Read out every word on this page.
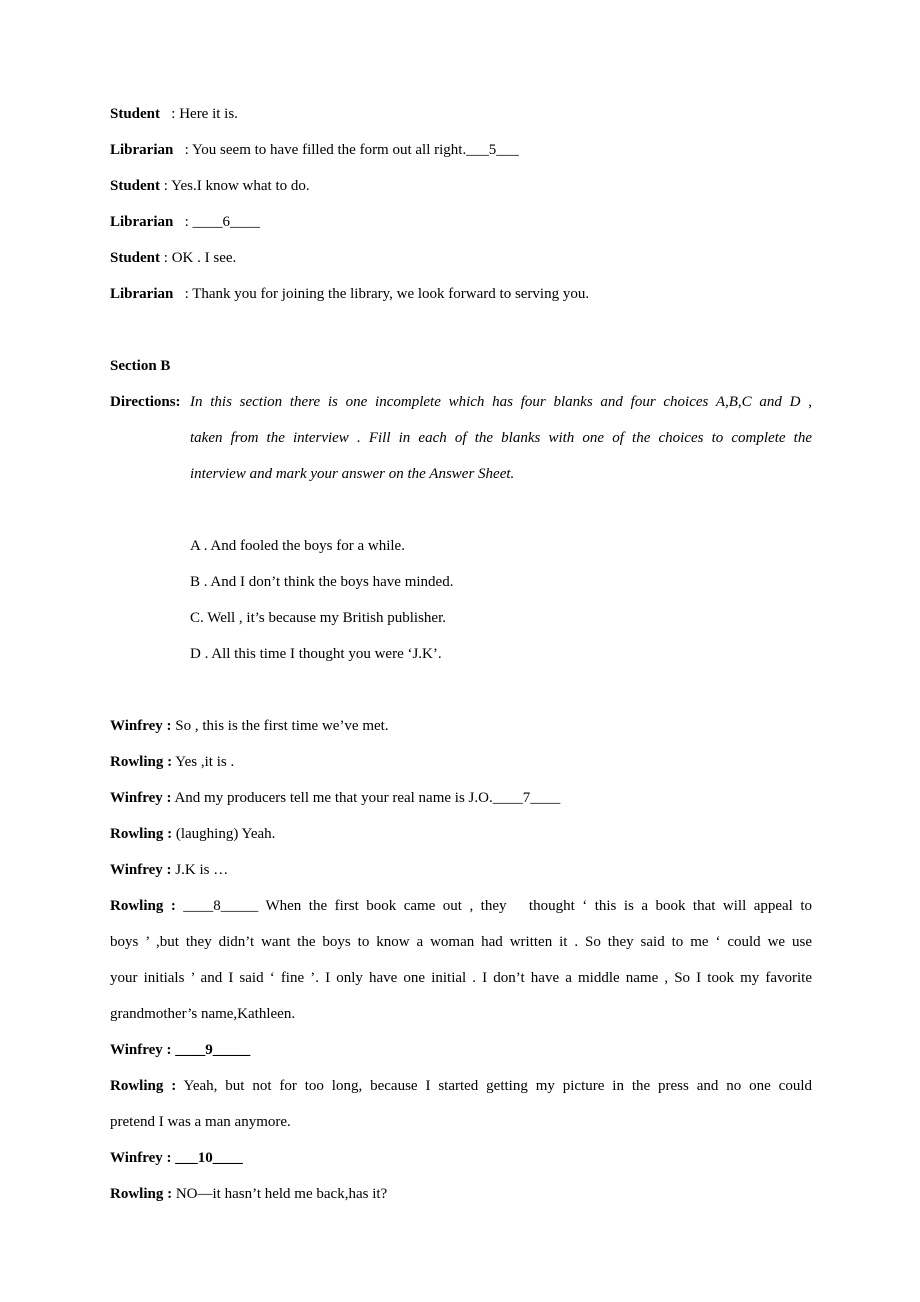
Student   : Here it is.
Librarian   : You seem to have filled the form out all right.___5___
Student : Yes.I know what to do.
Librarian   : ____6____
Student : OK . I see.
Librarian   : Thank you for joining the library, we look forward to serving you.
Section B
Directions: In this section there is one incomplete which has four blanks and four choices A,B,C and D ,
taken from the interview . Fill in each of the blanks with one of the choices to complete the
interview and mark your answer on the Answer Sheet.
A . And fooled the boys for a while.
B . And I don’t think the boys have minded.
C. Well , it’s because my British publisher.
D . All this time I thought you were ‘J.K’.
Winfrey : So , this is the first time we’ve met.
Rowling : Yes ,it is .
Winfrey : And my producers tell me that your real name is J.O.____7____
Rowling : (laughing) Yeah.
Winfrey : J.K is …
Rowling : ____8_____ When the first book came out , they   thought ‘ this is a book that will appeal to
boys ’ ,but they didn’t want the boys to know a woman had written it . So they said to me ‘ could we use
your initials ’ and I said ‘ fine ’. I only have one initial . I don’t have a middle name , So I took my favorite
grandmother’s name,Kathleen.
Winfrey : ____9_____
Rowling : Yeah, but not for too long, because I started getting my picture in the press and no one could
pretend I was a man anymore.
Winfrey : ___10____
Rowling : NO—it hasn’t held me back,has it?
